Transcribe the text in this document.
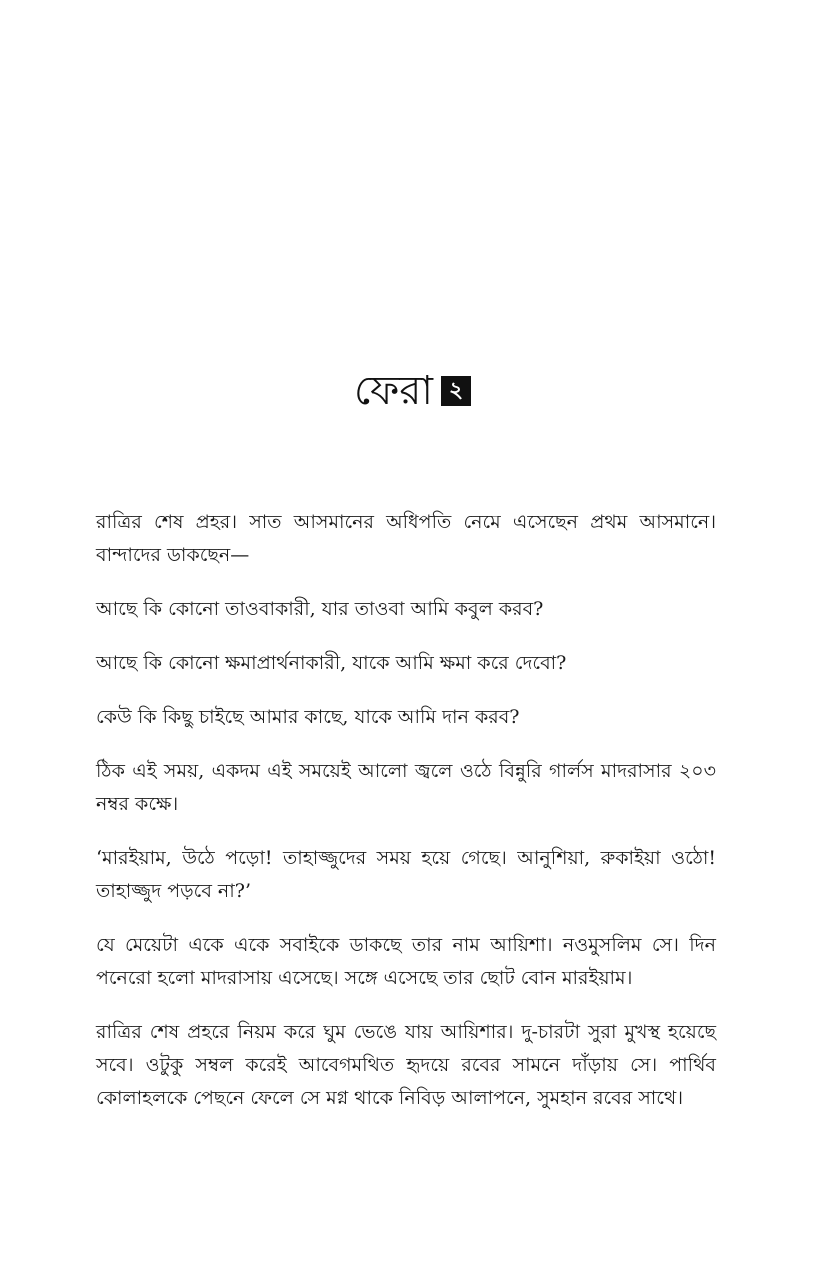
ফেরা ২

রাত্রির শেষ প্রহর। সাত আসমানের অধিপতি নেমে এসেছেন প্রথম আসমানে। বান্দাদের ডাকছেন—

আছে কি কোনো তাওবাকারী, যার তাওবা আমি কবুল করব?

আছে কি কোনো ক্ষমাপ্রার্থনাকারী, যাকে আমি ক্ষমা করে দেবো?

কেউ কি কিছু চাইছে আমার কাছে, যাকে আমি দান করব?

ঠিক এই সময়, একদম এই সময়েই আলো জ্বলে ওঠে বিন্নুরি গার্লস মাদরাসার ২০৩ নম্বর কক্ষে।

‘মারইয়াম, উঠে পড়ো! তাহাজ্জুদের সময় হয়ে গেছে। আনুশিয়া, রুকাইয়া ওঠো! তাহাজ্জুদ পড়বে না?’

যে মেয়েটা একে একে সবাইকে ডাকছে তার নাম আয়িশা। নওমুসলিম সে। দিন পনেরো হলো মাদরাসায় এসেছে। সঙ্গে এসেছে তার ছোট বোন মারইয়াম।

রাত্রির শেষ প্রহরে নিয়ম করে ঘুম ভেঙে যায় আয়িশার। দু-চারটা সুরা মুখস্থ হয়েছে সবে। ওটুকু সম্বল করেই আবেগমথিত হৃদয়ে রবের সামনে দাঁড়ায় সে। পার্থিব কোলাহলকে পেছনে ফেলে সে মগ্ন থাকে নিবিড় আলাপনে, সুমহান রবের সাথে।
